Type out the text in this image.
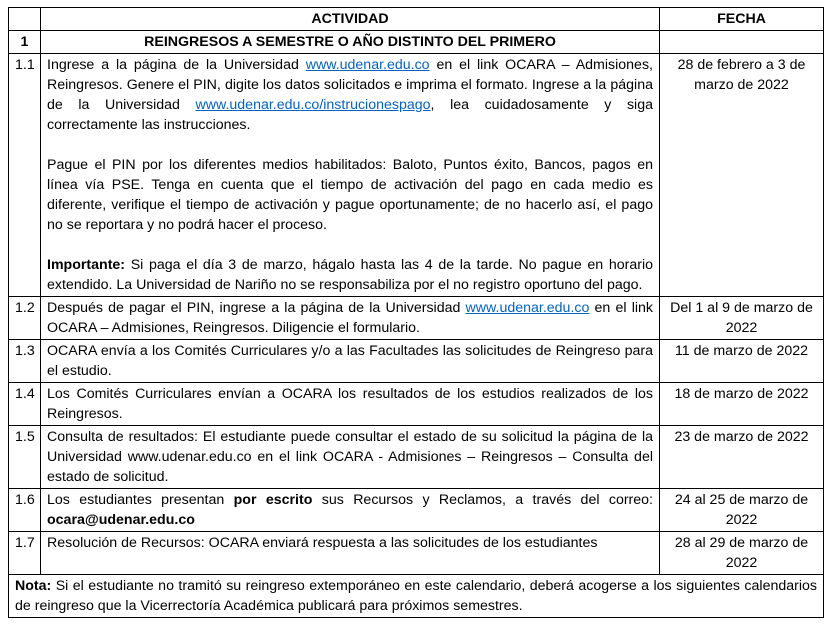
	ACTIVIDAD	FECHA
1	REINGRESOS A SEMESTRE O AÑO DISTINTO DEL PRIMERO	
1.1	Ingrese a la página de la Universidad www.udenar.edu.co en el link OCARA – Admisiones, Reingresos. Genere el PIN, digite los datos solicitados e imprima el formato. Ingrese a la página de la Universidad www.udenar.edu.co/instrucionespago, lea cuidadosamente y siga correctamente las instrucciones.

Pague el PIN por los diferentes medios habilitados: Baloto, Puntos éxito, Bancos, pagos en línea vía PSE. Tenga en cuenta que el tiempo de activación del pago en cada medio es diferente, verifique el tiempo de activación y pague oportunamente; de no hacerlo así, el pago no se reportara y no podrá hacer el proceso.

Importante: Si paga el día 3 de marzo, hágalo hasta las 4 de la tarde. No pague en horario extendido. La Universidad de Nariño no se responsabiliza por el no registro oportuno del pago.	28 de febrero a 3 de marzo de 2022
1.2	Después de pagar el PIN, ingrese a la página de la Universidad www.udenar.edu.co en el link OCARA – Admisiones, Reingresos. Diligencie el formulario.	Del 1 al 9 de marzo de 2022
1.3	OCARA envía a los Comités Curriculares y/o a las Facultades las solicitudes de Reingreso para el estudio.	11 de marzo de 2022
1.4	Los Comités Curriculares envían a OCARA los resultados de los estudios realizados de los Reingresos.	18 de marzo de 2022
1.5	Consulta de resultados: El estudiante puede consultar el estado de su solicitud la página de la Universidad www.udenar.edu.co en el link OCARA - Admisiones – Reingresos – Consulta del estado de solicitud.	23 de marzo de 2022
1.6	Los estudiantes presentan por escrito sus Recursos y Reclamos, a través del correo: ocara@udenar.edu.co	24 al 25 de marzo de 2022
1.7	Resolución de Recursos: OCARA enviará respuesta a las solicitudes de los estudiantes	28 al 29 de marzo de 2022
Nota: Si el estudiante no tramitó su reingreso extemporáneo en este calendario, deberá acogerse a los siguientes calendarios de reingreso que la Vicerrectoría Académica publicará para próximos semestres.		
